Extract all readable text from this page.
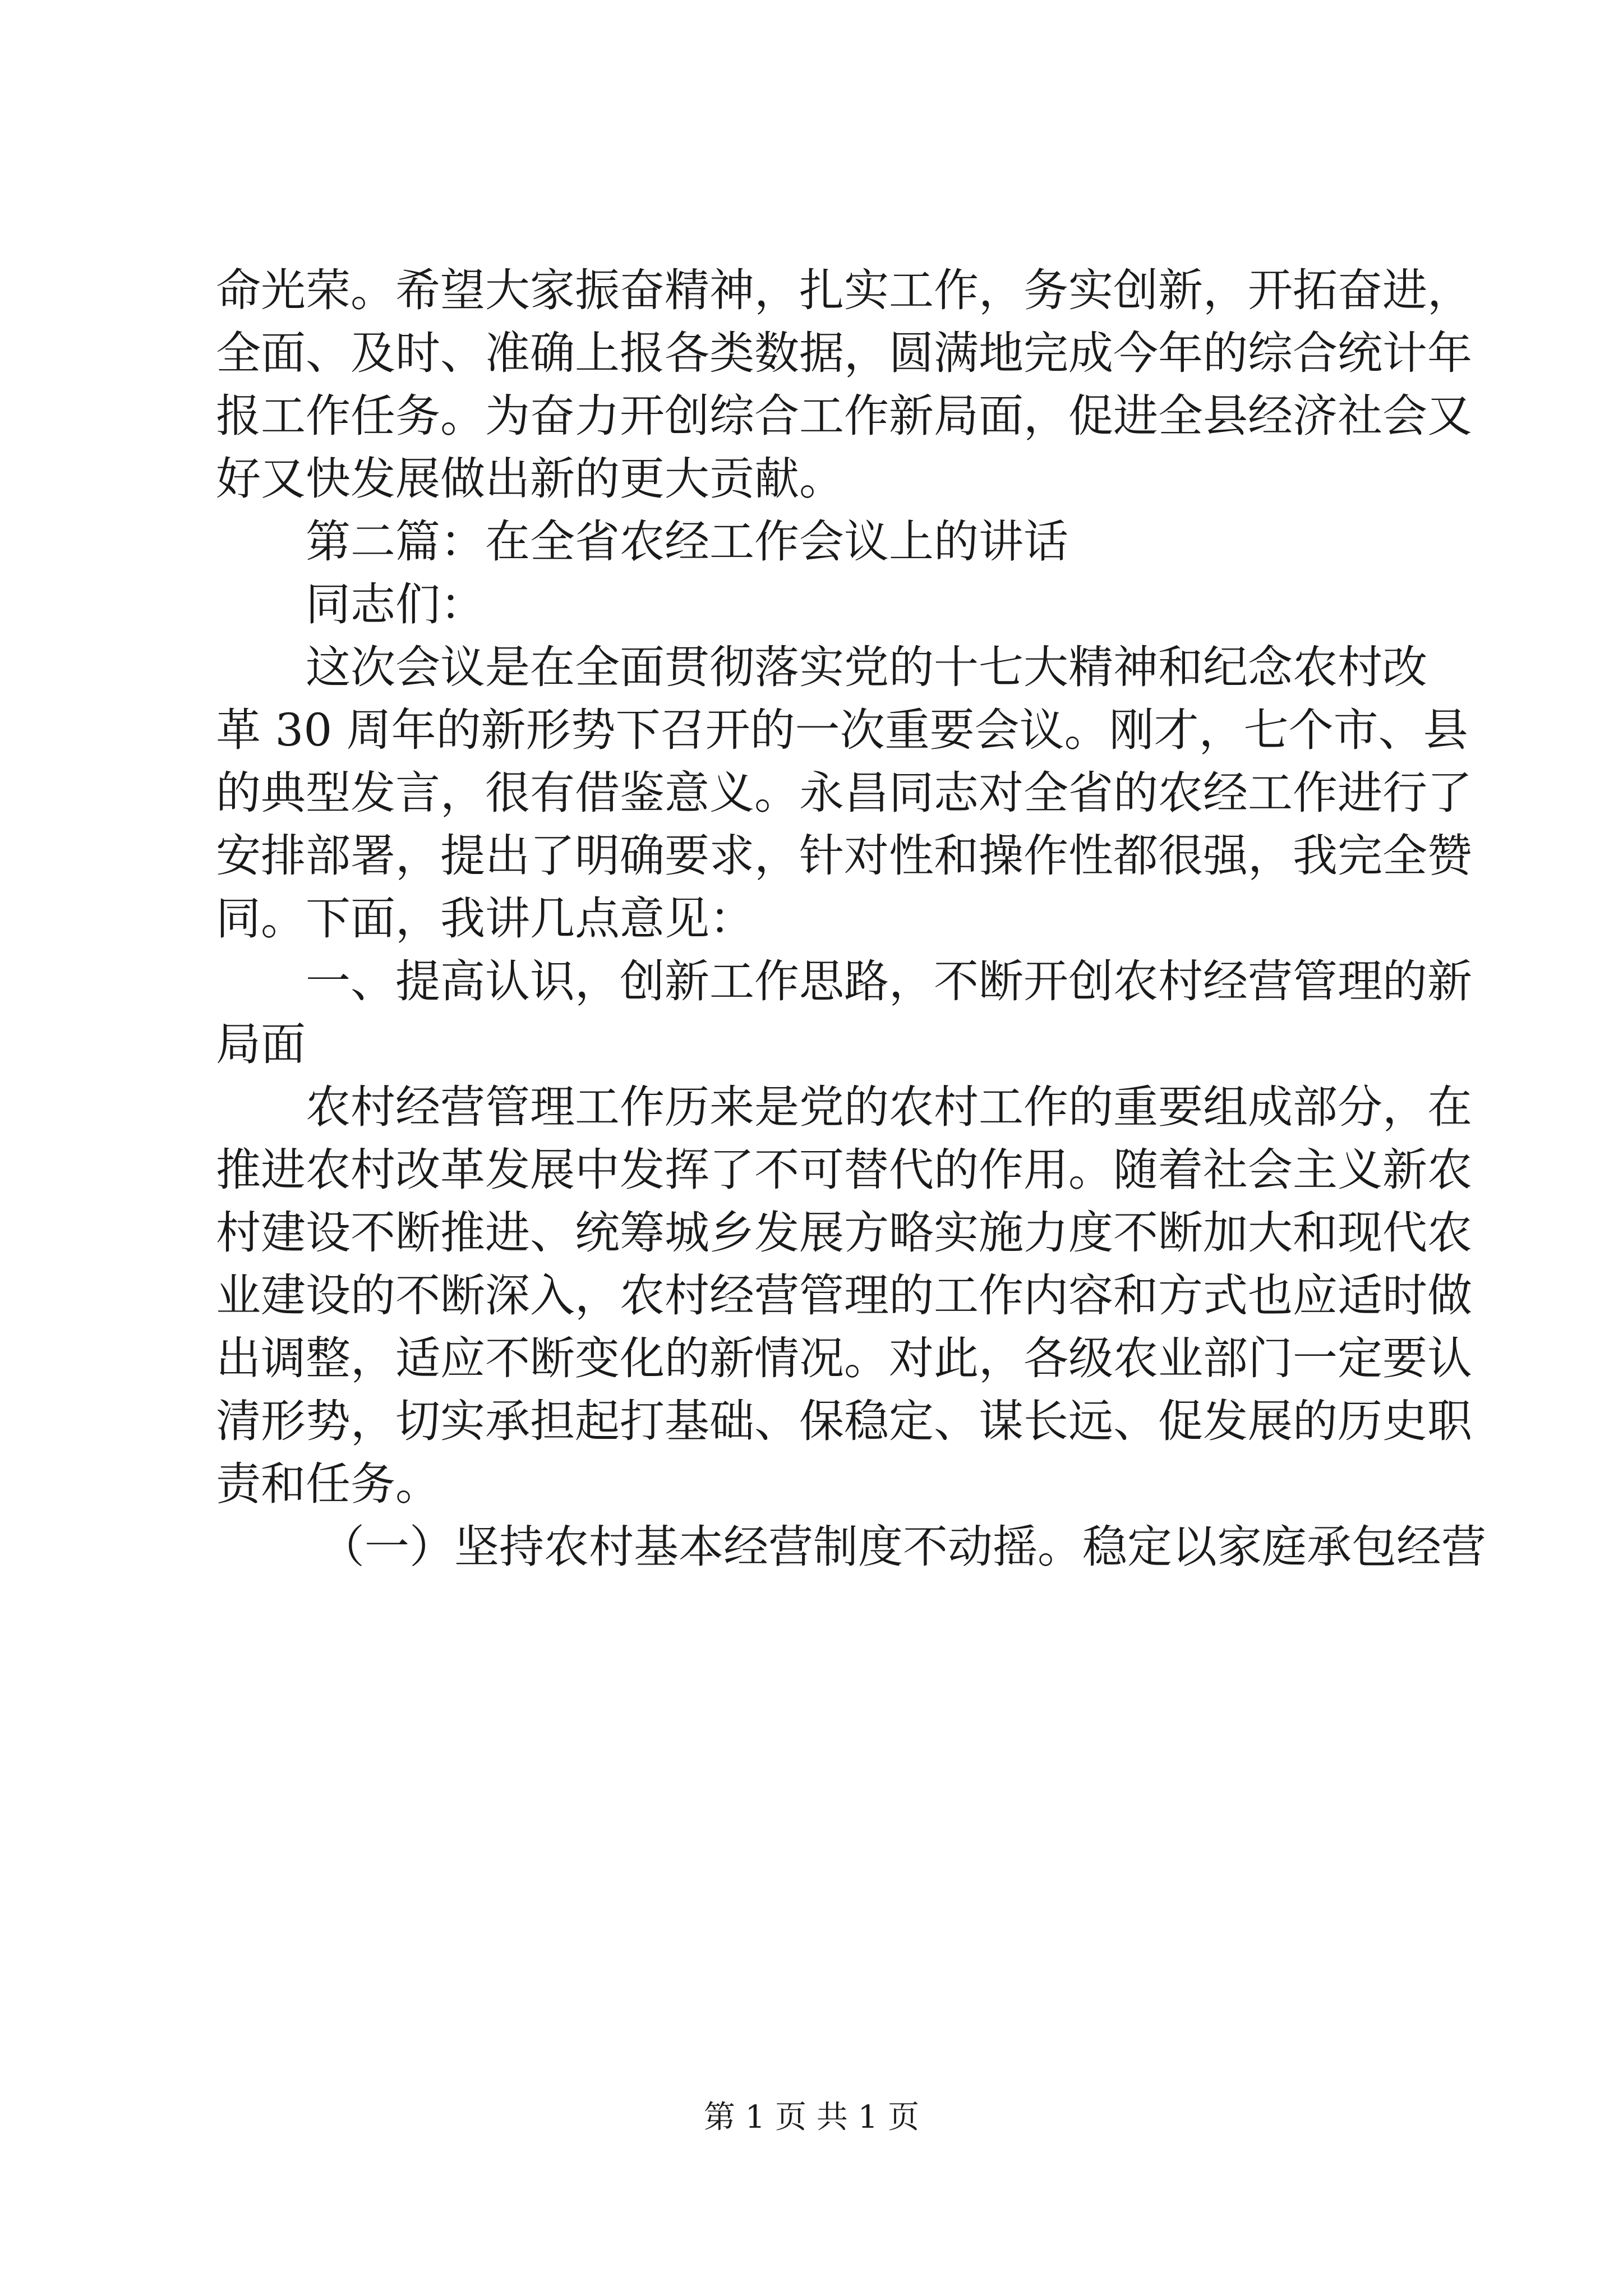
命光荣。希望大家振奋精神，扎实工作，务实创新，开拓奋进，
全面、及时、准确上报各类数据，圆满地完成今年的综合统计年
报工作任务。为奋力开创综合工作新局面，促进全县经济社会又
好又快发展做出新的更大贡献。
第二篇：在全省农经工作会议上的讲话
同志们：
这次会议是在全面贯彻落实党的十七大精神和纪念农村改
革 30 周年的新形势下召开的一次重要会议。刚才，七个市、县
的典型发言，很有借鉴意义。永昌同志对全省的农经工作进行了
安排部署，提出了明确要求，针对性和操作性都很强，我完全赞
同。下面，我讲几点意见：
一、提高认识，创新工作思路，不断开创农村经营管理的新
局面
农村经营管理工作历来是党的农村工作的重要组成部分，在
推进农村改革发展中发挥了不可替代的作用。随着社会主义新农
村建设不断推进、统筹城乡发展方略实施力度不断加大和现代农
业建设的不断深入，农村经营管理的工作内容和方式也应适时做
出调整，适应不断变化的新情况。对此，各级农业部门一定要认
清形势，切实承担起打基础、保稳定、谋长远、促发展的历史职
责和任务。
（一）坚持农村基本经营制度不动摇。稳定以家庭承包经营
第 1 页 共 1 页
